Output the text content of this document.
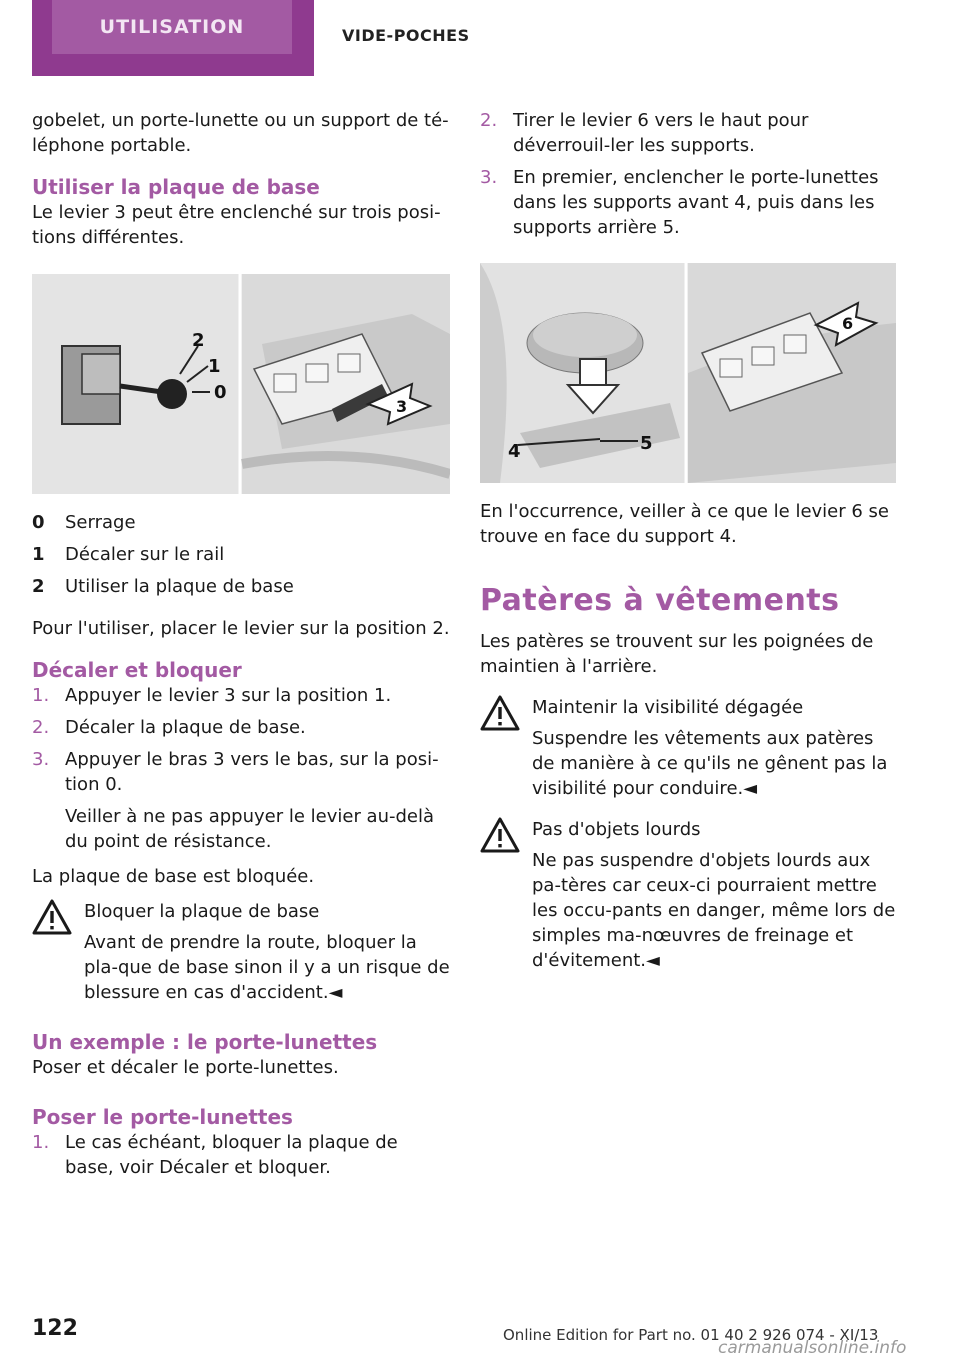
UTILISATION	VIDE-POCHES

gobelet, un porte-lunette ou un support de té-léphone portable.

Utiliser la plaque de base

Le levier 3 peut être enclenché sur trois posi-tions différentes.

2
1
0
3
0	Serrage
1	Décaler sur le rail
2	Utiliser la plaque de base

Pour l'utiliser, placer le levier sur la position 2.

Décaler et bloquer
1. Appuyer le levier 3 sur la position 1.
2. Décaler la plaque de base.
3. Appuyer le bras 3 vers le bas, sur la posi-tion 0.

Veiller à ne pas appuyer le levier au-delà du point de résistance.

La plaque de base est bloquée.

Bloquer la plaque de base

Avant de prendre la route, bloquer la pla-que de base sinon il y a un risque de blessure en cas d'accident.◄

Un exemple : le porte-lunettes

Poser et décaler le porte-lunettes.

Poser le porte-lunettes
1. Le cas échéant, bloquer la plaque de base, voir Décaler et bloquer.
2. Tirer le levier 6 vers le haut pour déverrouil-ler les supports.
3. En premier, enclencher le porte-lunettes dans les supports avant 4, puis dans les supports arrière 5.
4	5
6

En l'occurrence, veiller à ce que le levier 6 se trouve en face du support 4.

Patères à vêtements

Les patères se trouvent sur les poignées de maintien à l'arrière.

Maintenir la visibilité dégagée

Suspendre les vêtements aux patères de manière à ce qu'ils ne gênent pas la visibilité pour conduire.◄

Pas d'objets lourds

Ne pas suspendre d'objets lourds aux pa-tères car ceux-ci pourraient mettre les occu-pants en danger, même lors de simples ma-nœuvres de freinage et d'évitement.◄

122	Online Edition for Part no. 01 40 2 926 074 - XI/13
carmanualsonline.info
